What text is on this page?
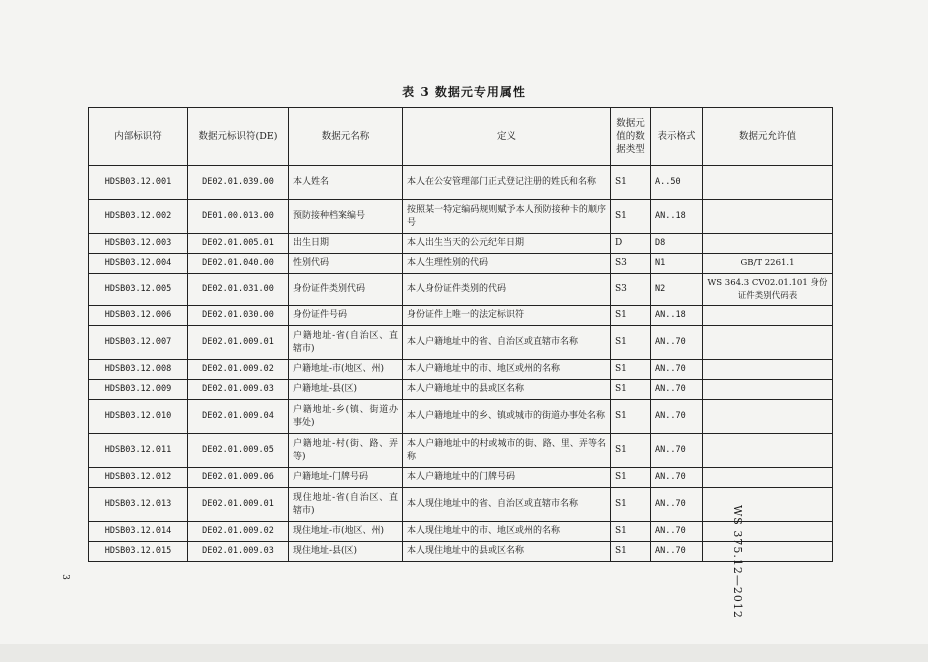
表 3 数据元专用属性
内部标识符	数据元标识符(DE)	数据元名称	定义	数据元值的数据类型	表示格式	数据元允许值
HDSB03.12.001	DE02.01.039.00	本人姓名	本人在公安管理部门正式登记注册的姓氏和名称	S1	A..50	
HDSB03.12.002	DE01.00.013.00	预防接种档案编号	按照某一特定编码规则赋予本人预防接种卡的顺序号	S1	AN..18	
HDSB03.12.003	DE02.01.005.01	出生日期	本人出生当天的公元纪年日期	D	D8	
HDSB03.12.004	DE02.01.040.00	性别代码	本人生理性别的代码	S3	N1	GB/T 2261.1
HDSB03.12.005	DE02.01.031.00	身份证件类别代码	本人身份证件类别的代码	S3	N2	WS 364.3 CV02.01.101 身份证件类别代码表
HDSB03.12.006	DE02.01.030.00	身份证件号码	身份证件上唯一的法定标识符	S1	AN..18	
HDSB03.12.007	DE02.01.009.01	户籍地址-省(自治区、直辖市)	本人户籍地址中的省、自治区或直辖市名称	S1	AN..70	
HDSB03.12.008	DE02.01.009.02	户籍地址-市(地区、州)	本人户籍地址中的市、地区或州的名称	S1	AN..70	
HDSB03.12.009	DE02.01.009.03	户籍地址-县(区)	本人户籍地址中的县或区名称	S1	AN..70	
HDSB03.12.010	DE02.01.009.04	户籍地址-乡(镇、街道办事处)	本人户籍地址中的乡、镇或城市的街道办事处名称	S1	AN..70	
HDSB03.12.011	DE02.01.009.05	户籍地址-村(街、路、弄等)	本人户籍地址中的村或城市的街、路、里、弄等名称	S1	AN..70	
HDSB03.12.012	DE02.01.009.06	户籍地址-门牌号码	本人户籍地址中的门牌号码	S1	AN..70	
HDSB03.12.013	DE02.01.009.01	现住地址-省(自治区、直辖市)	本人现住地址中的省、自治区或直辖市名称	S1	AN..70	
HDSB03.12.014	DE02.01.009.02	现住地址-市(地区、州)	本人现住地址中的市、地区或州的名称	S1	AN..70	
HDSB03.12.015	DE02.01.009.03	现住地址-县(区)	本人现住地址中的县或区名称	S1	AN..70		WS 375.12—2012
3
